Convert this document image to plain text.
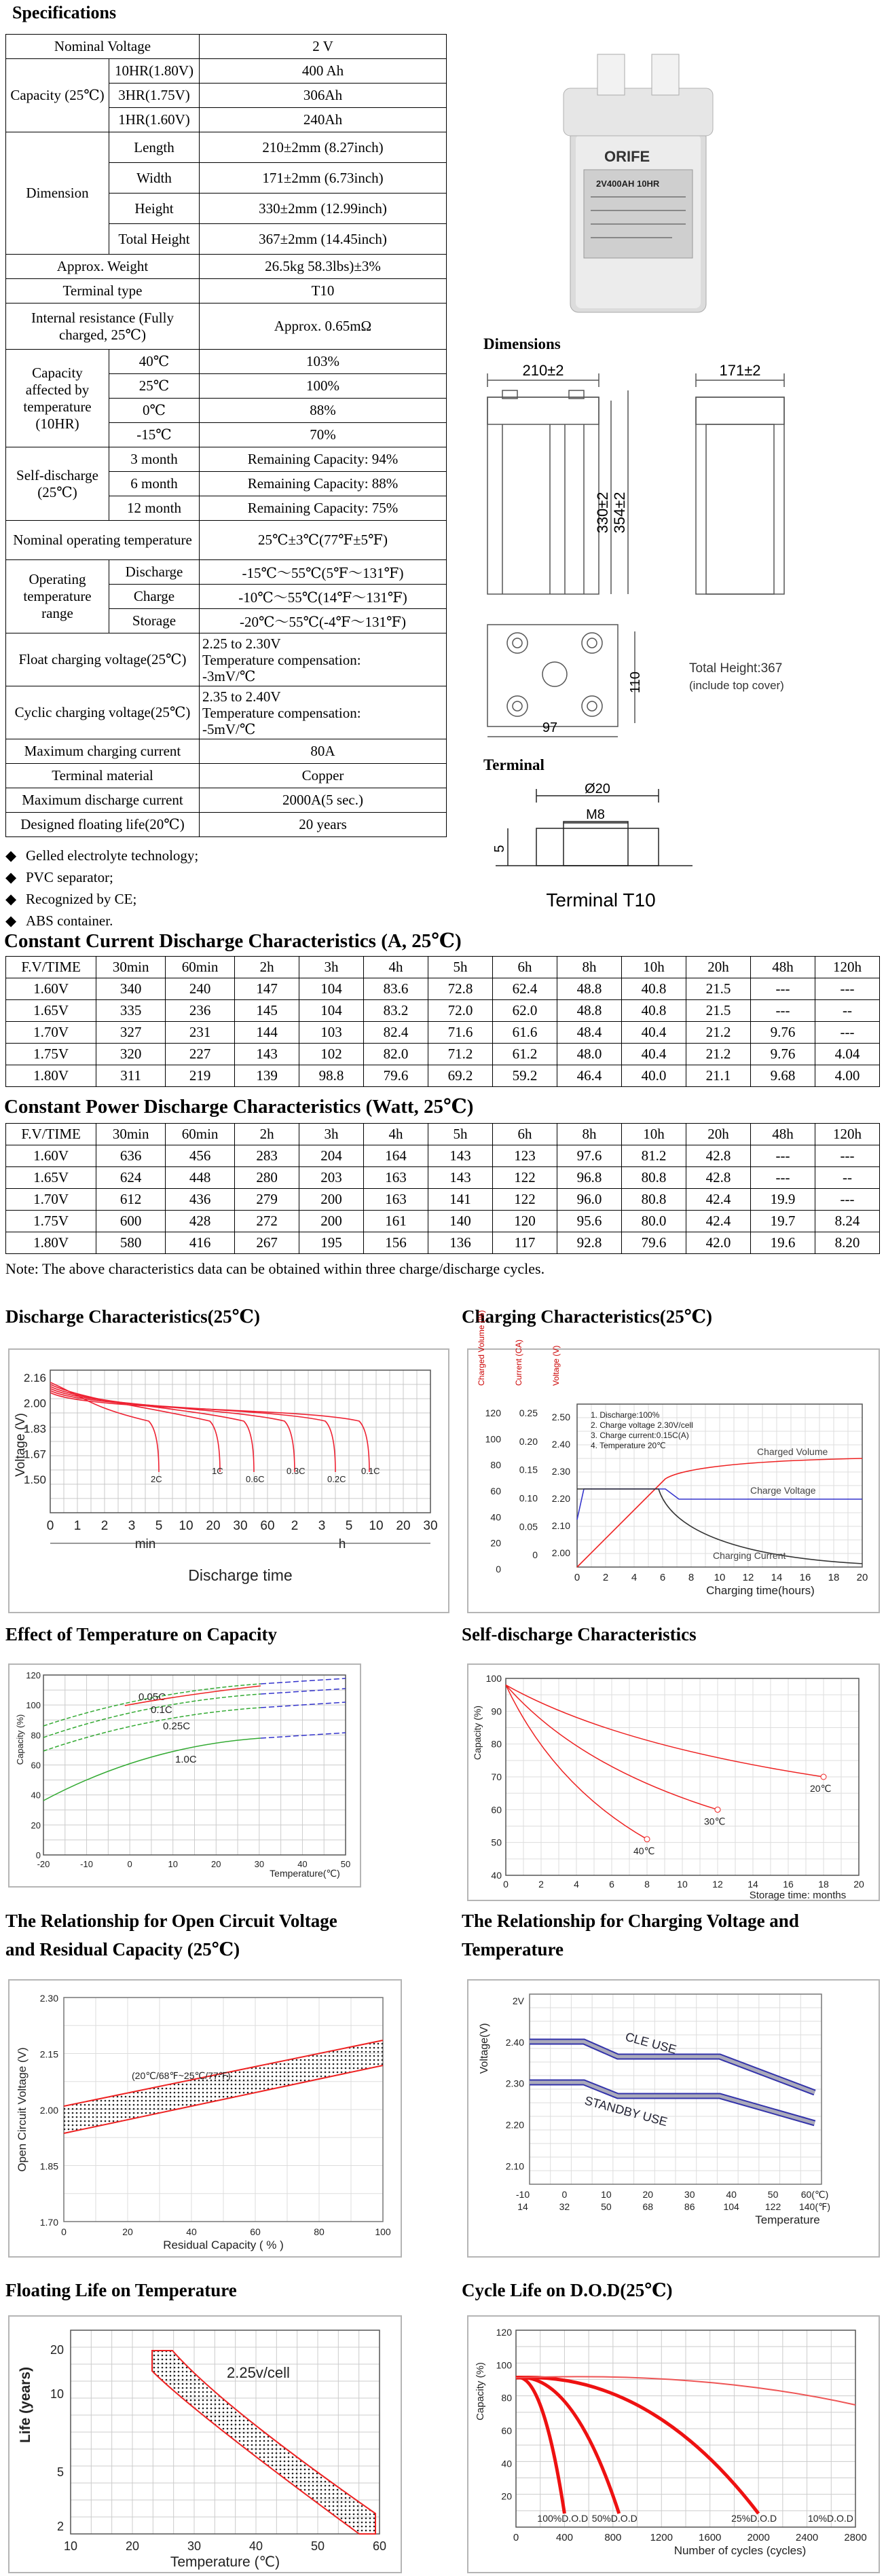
Specifications
Nominal Voltage		2 V
Capacity (25℃)	10HR(1.80V)	400 Ah
	3HR(1.75V)	306Ah
	1HR(1.60V)	240Ah
Dimension	Length	210±2mm (8.27inch)
	Width	171±2mm (6.73inch)
	Height	330±2mm (12.99inch)
	Total Height	367±2mm (14.45inch)
Approx. Weight		26.5kg 58.3lbs)±3%
Terminal type		T10
Internal resistance (Fully charged, 25℃)		Approx. 0.65mΩ
Capacity affected by temperature (10HR)	40℃	103%
	25℃	100%
	0℃	88%
	-15℃	70%
Self-discharge (25℃)	3 month	Remaining Capacity: 94%
	6 month	Remaining Capacity: 88%
	12 month	Remaining Capacity: 75%
Nominal operating temperature		25℃±3℃(77℉±5℉)
Operating temperature range	Discharge	-15℃～55℃(5℉～131℉)
	Charge	-10℃～55℃(14℉～131℉)
	Storage	-20℃～55℃(-4℉～131℉)
Float charging voltage(25℃)		2.25 to 2.30V
Temperature compensation:
-3mV/℃

Cyclic charging voltage(25℃)		2.35 to 2.40V
Temperature compensation:
-5mV/℃

Maximum charging current		80A
Terminal material		Copper
Maximum discharge current		2000A(5 sec.)
Designed floating life(20℃)		20 years
◆ Gelled electrolyte technology;
◆ PVC separator;
◆ Recognized by CE;
◆ ABS container.
ORIFE
2V400AH 10HR
Dimensions
210±2	171±2
330±2 354±2
110
97
Total Height:367
(include top cover)
Terminal
Ø20
M8
5
Terminal T10
Constant Current Discharge Characteristics (A, 25℃)
F.V/TIME	30min	60min	2h	3h	4h	5h	6h	8h	10h	20h	48h	120h
1.60V	340	240	147	104	83.6	72.8	62.4	48.8	40.8	21.5	---	---
1.65V	335	236	145	104	83.2	72.0	62.0	48.8	40.8	21.5	---	--
1.70V	327	231	144	103	82.4	71.6	61.6	48.4	40.4	21.2	9.76	---
1.75V	320	227	143	102	82.0	71.2	61.2	48.0	40.4	21.2	9.76	4.04
1.80V	311	219	139	98.8	79.6	69.2	59.2	46.4	40.0	21.1	9.68	4.00
Constant Power Discharge Characteristics (Watt, 25℃)
F.V/TIME	30min	60min	2h	3h	4h	5h	6h	8h	10h	20h	48h	120h
1.60V	636	456	283	204	164	143	123	97.6	81.2	42.8	---	---
1.65V	624	448	280	203	163	143	122	96.8	80.8	42.8	---	--
1.70V	612	436	279	200	163	141	122	96.0	80.8	42.4	19.9	---
1.75V	600	428	272	200	161	140	120	95.6	80.0	42.4	19.7	8.24
1.80V	580	416	267	195	156	136	117	92.8	79.6	42.0	19.6	8.20
Note: The above characteristics data can be obtained within three charge/discharge cycles.
Discharge Characteristics(25℃)	Charging Characteristics(25℃)
Effect of Temperature on Capacity	Self-discharge Characteristics
The Relationship for Open Circuit Voltage
and Residual Capacity (25℃)
The Relationship for Charging Voltage and
Temperature
Floating Life on Temperature	Cycle Life on D.O.D(25℃)
2.16
2.00
1.83
1.67
1.50
Voltage (V)
0 1 2 3 5 10 20 30 60 2 3 5 10 20 30
min	h
Discharge time
2C
1C
0.6C
0.3C
0.2C
0.1C
Charged Volume (%)	Current (CA)	Voltage (V)
120
100
80
60
40
20
0
0.25
0.20
0.15
0.10
0.05
0
2.50
2.40
2.30
2.20
2.10
2.00
0 2 4 6 8 10 12 14 16 18 20
Charging time(hours)
1. Discharge:100%
2. Charge voltage 2.30V/cell
3. Charge current:0.15C(A)
4. Temperature 20℃
Charged Volume
Charge Voltage
Charging Current
120
100
80
60
40
20
0
Capacity (%)
-20	-10	0	10	20	30	40	50
Temperature(℃)
0.05C
0.1C
0.25C
1.0C
100
90
80
70
60
50
40
Capacity (%)
0	2	4	6	8	10	12	14	16	18	20
Storage time: months
20℃
30℃
40℃
2.30
2.15
2.00
1.85
1.70
Open Circuit Voltage (V)
0	20	40	60	80	100
Residual Capacity ( % )
(20℃/68℉~25℃/77℉)
2V
2.40
2.30
2.20
2.10
Voltage(V)
-10	0	10	20	30	40	50 60(℃)
14	32	50	68	86	104	122 140(℉)
Temperature
CLE USE
STANDBY USE
20
10
5
2
Life (years)
10	20	30	40	50	60
Temperature (℃)
2.25v/cell
120
100
80
60
40
20
Capacity (%)
0	400	800	1200	1600	2000	2400	2800
Number of cycles (cycles)
100%D.O.D 50%D.O.D	25%D.O.D	10%D.O.D
